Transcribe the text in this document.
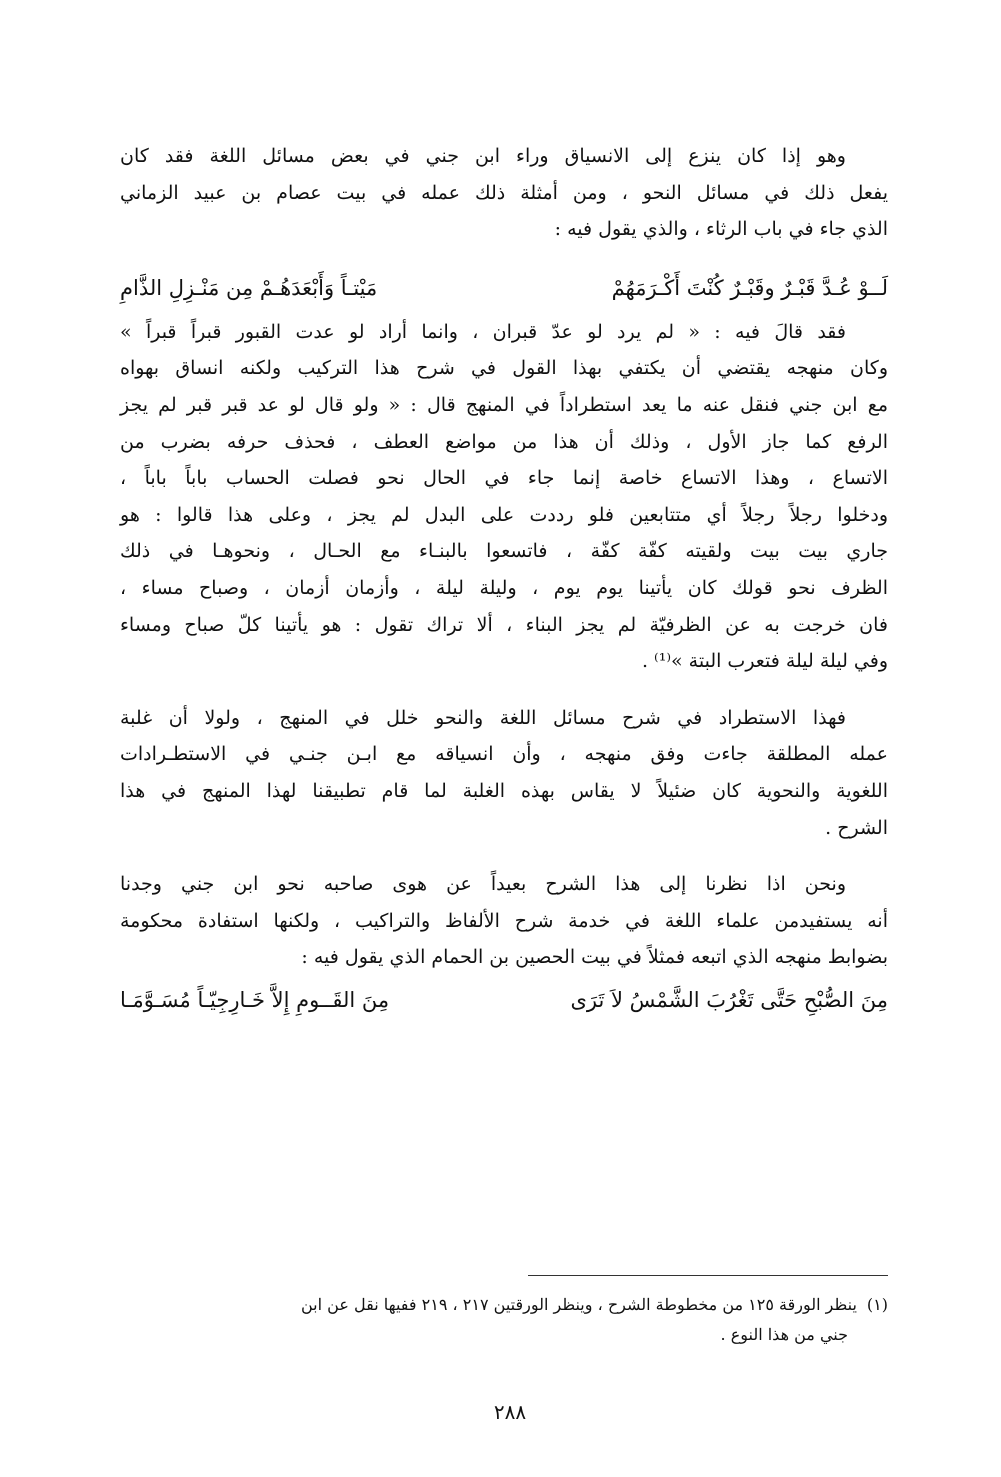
وهو إذا كان ينزع إلى الانسياق وراء ابن جني في بعض مسائل اللغة فقد كان
يفعل ذلك في مسائل النحو ، ومن أمثلة ذلك عمله في بيت عصام بن عبيد الزماني
الذي جاء في باب الرثاء ، والذي يقول فيه :

لَــوْ عُـدَّ قَبْـرٌ وقَبْـرٌ كُنْتَ أَكْـرَمَهُمْ
مَيْتـاً وَأَبْعَدَهُـمْ مِن مَنْـزِلِ الذَّامِ

فقد قالَ فيه : « لم يرد لو عدّ قبران ، وانما أراد لو عدت القبور قبراً قبراً »
وكان منهجه يقتضي أن يكتفي بهذا القول في شرح هذا التركيب ولكنه انساق بهواه
مع ابن جني فنقل عنه ما يعد استطراداً في المنهج قال : « ولو قال لو عد قبر قبر لم يجز
الرفع كما جاز الأول ، وذلك أن هذا من مواضع العطف ، فحذف حرفه بضرب من
الاتساع ، وهذا الاتساع خاصة إنما جاء في الحال نحو فصلت الحساب باباً باباً ،
ودخلوا رجلاً رجلاً أي متتابعين فلو رددت على البدل لم يجز ، وعلى هذا قالوا : هو
جاري بيت بيت ولقيته كفّة كفّة ، فاتسعوا بالبنـاء مع الحـال ، ونحوهـا في ذلك
الظرف نحو قولك كان يأتينا يوم يوم ، وليلة ليلة ، وأزمان أزمان ، وصباح مساء ،
فان خرجت به عن الظرفيّة لم يجز البناء ، ألا تراك تقول : هو يأتينا كلّ صباح ومساء
وفي ليلة ليلة فتعرب البتة »⁽¹⁾ .

فهذا الاستطراد في شرح مسائل اللغة والنحو خلل في المنهج ، ولولا أن غلبة
عمله المطلقة جاءت وفق منهجه ، وأن انسياقه مع ابـن جنـي في الاستطـرادات
اللغوية والنحوية كان ضئيلاً لا يقاس بهذه الغلبة لما قام تطبيقنا لهذا المنهج في هذا
الشرح .

ونحن اذا نظرنا إلى هذا الشرح بعيداً عن هوى صاحبه نحو ابن جني وجدنا
أنه يستفيدمن علماء اللغة في خدمة شرح الألفاظ والتراكيب ، ولكنها استفادة محكومة
بضوابط منهجه الذي اتبعه فمثلاً في بيت الحصين بن الحمام الذي يقول فيه :

مِنَ الصُّبْحِ حَتَّى تَغْرُبَ الشَّمْسُ لاَ تَرَى
مِنَ القَــومِ إِلاَّ خَـارِجِيّـاً مُسَـوَّمَـا
(١)ينظر الورقة ١٢٥ من مخطوطة الشرح ، وينظر الورقتين ٢١٧ ، ٢١٩ ففيها نقل عن ابن
جني من هذا النوع .
٢٨٨
